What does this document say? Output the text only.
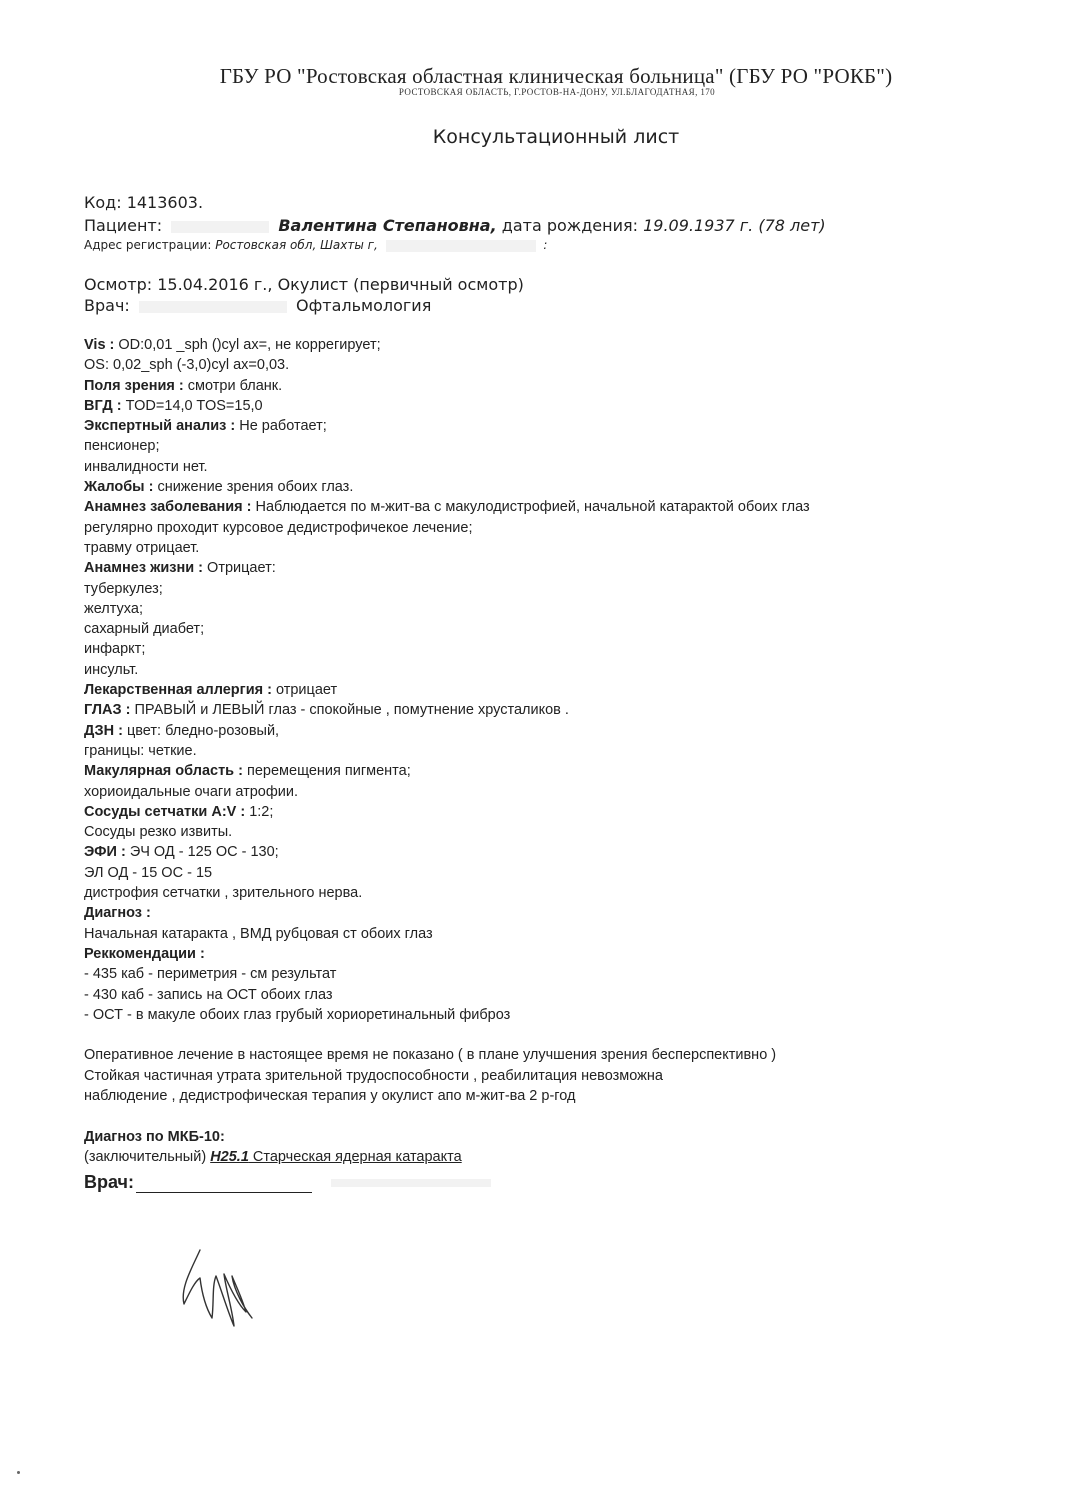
ГБУ РО "Ростовская областная клиническая больница" (ГБУ РО "РОКБ")
РОСТОВСКАЯ ОБЛАСТЬ, Г.РОСТОВ-НА-ДОНУ, УЛ.БЛАГОДАТНАЯ, 170
Консультационный лист
Код: 1413603.
Пациент:	Валентина Степановна, дата рождения: 19.09.1937 г. (78 лет)
Адрес регистрации: Ростовская обл, Шахты г,	:
Осмотр: 15.04.2016 г., Окулист (первичный осмотр)
Врач:	Офтальмология
Vis : OD:0,01 _sph ()cyl ax=, не коррегирует;
OS: 0,02_sph (-3,0)cyl ax=0,03.
Поля зрения : смотри бланк.
ВГД : TOD=14,0 TOS=15,0
Экспертный анализ : Не работает;
пенсионер;
инвалидности нет.
Жалобы : снижение зрения обоих глаз.
Анамнез заболевания : Наблюдается по м-жит-ва с макулодистрофией, начальной катарактой обоих глаз
регулярно проходит курсовое дедистрофичекое лечение;
травму отрицает.
Анамнез жизни : Отрицает:
туберкулез;
желтуха;
сахарный диабет;
инфаркт;
инсульт.
Лекарственная аллергия : отрицает
ГЛАЗ : ПРАВЫЙ и ЛЕВЫЙ глаз - спокойные , помутнение хрусталиков .
ДЗН : цвет: бледно-розовый,
границы: четкие.
Макулярная область : перемещения пигмента;
хориоидальные очаги атрофии.
Сосуды сетчатки A:V : 1:2;
Сосуды резко извиты.
ЭФИ : ЭЧ ОД - 125 ОС - 130;
ЭЛ ОД - 15 ОС - 15
дистрофия сетчатки , зрительного нерва.
Диагноз :
Начальная катаракта , ВМД рубцовая ст обоих глаз
Реккомендации :
- 435 каб - периметрия - см результат
- 430 каб - запись на ОСТ обоих глаз
- ОСТ - в макуле обоих глаз грубый хориоретинальный фиброз
Оперативное лечение в настоящее время не показано ( в плане улучшения зрения бесперспективно )
Стойкая частичная утрата зрительной трудоспособности , реабилитация невозможна
наблюдение , дедистрофическая терапия у окулист апо м-жит-ва 2 р-год
Диагноз по МКБ-10:
(заключительный) H25.1 Старческая ядерная катаракта
Врач:
